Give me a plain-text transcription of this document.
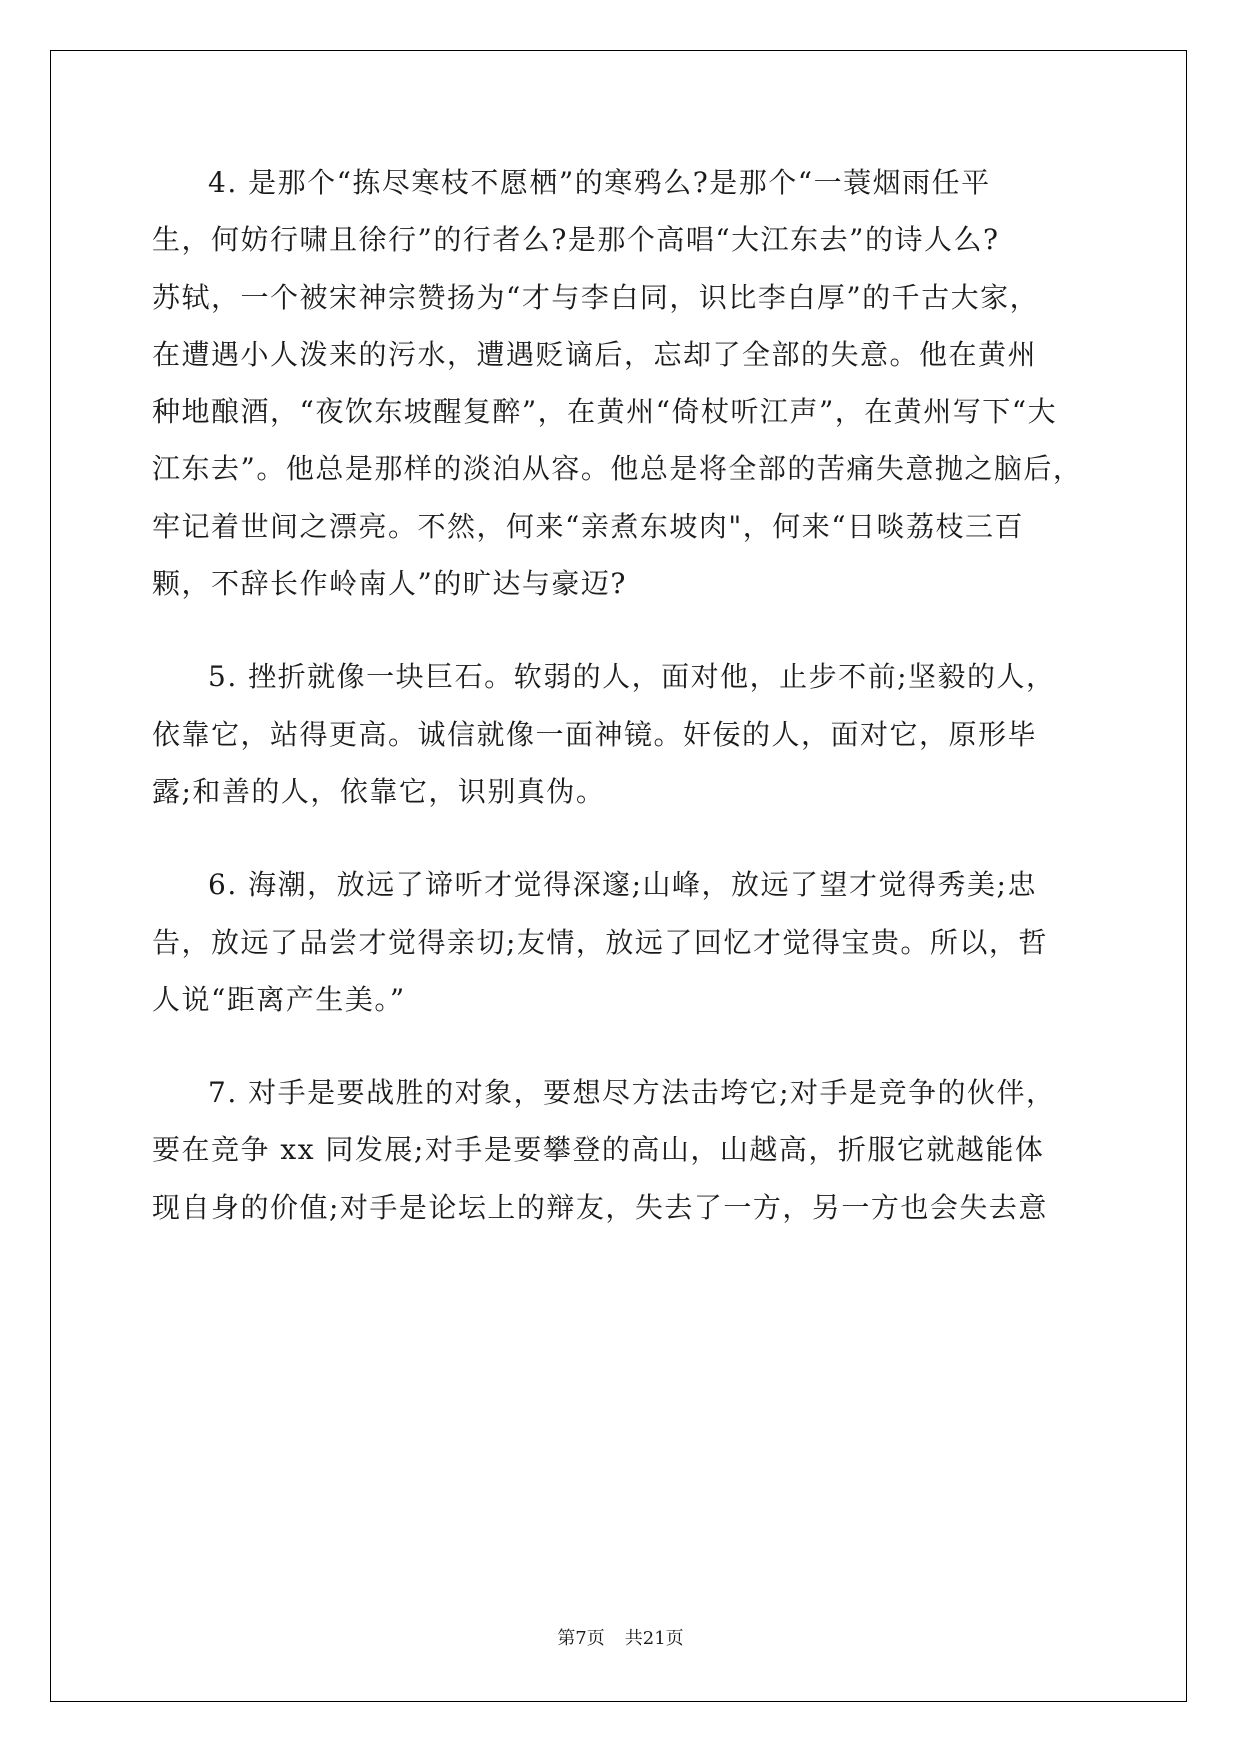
4. 是那个“拣尽寒枝不愿栖”的寒鸦么?是那个“一蓑烟雨任平
生，何妨行啸且徐行”的行者么?是那个高唱“大江东去”的诗人么?
苏轼，一个被宋神宗赞扬为“才与李白同，识比李白厚”的千古大家，
在遭遇小人泼来的污水，遭遇贬谪后，忘却了全部的失意。他在黄州
种地酿酒，“夜饮东坡醒复醉”，在黄州“倚杖听江声”，在黄州写下“大
江东去”。他总是那样的淡泊从容。他总是将全部的苦痛失意抛之脑后，
牢记着世间之漂亮。不然，何来“亲煮东坡肉"，何来“日啖荔枝三百
颗，不辞长作岭南人”的旷达与豪迈?

5. 挫折就像一块巨石。软弱的人，面对他，止步不前;坚毅的人，
依靠它，站得更高。诚信就像一面神镜。奸佞的人，面对它，原形毕
露;和善的人，依靠它，识别真伪。

6. 海潮，放远了谛听才觉得深邃;山峰，放远了望才觉得秀美;忠
告，放远了品尝才觉得亲切;友情，放远了回忆才觉得宝贵。所以，哲
人说“距离产生美。”

7. 对手是要战胜的对象，要想尽方法击垮它;对手是竞争的伙伴，
要在竞争 xx 同发展;对手是要攀登的高山，山越高，折服它就越能体
现自身的价值;对手是论坛上的辩友，失去了一方，另一方也会失去意

第7页 共21页
